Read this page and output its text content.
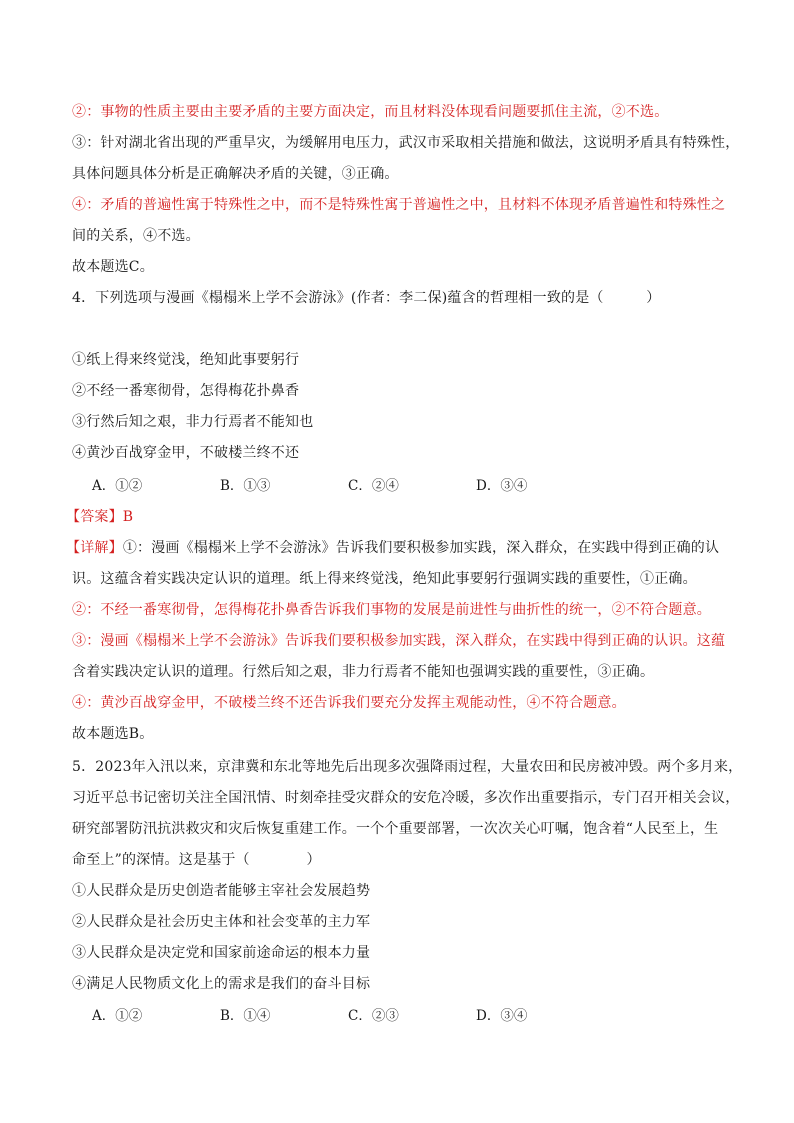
②：事物的性质主要由主要矛盾的主要方面决定，而且材料没体现看问题要抓住主流，②不选。
③：针对湖北省出现的严重旱灾，为缓解用电压力，武汉市采取相关措施和做法，这说明矛盾具有特殊性，
具体问题具体分析是正确解决矛盾的关键，③正确。
④：矛盾的普遍性寓于特殊性之中，而不是特殊性寓于普遍性之中，且材料不体现矛盾普遍性和特殊性之
间的关系，④不选。
故本题选C。
4．下列选项与漫画《榻榻米上学不会游泳》(作者：李二保)蕴含的哲理相一致的是（　　　）
①纸上得来终觉浅，绝知此事要躬行
②不经一番寒彻骨，怎得梅花扑鼻香
③行然后知之艰，非力行焉者不能知也
④黄沙百战穿金甲，不破楼兰终不还
A．①②	B．①③	C．②④	D．③④
【答案】B
【详解】①：漫画《榻榻米上学不会游泳》告诉我们要积极参加实践，深入群众，在实践中得到正确的认
识。这蕴含着实践决定认识的道理。纸上得来终觉浅，绝知此事要躬行强调实践的重要性，①正确。
②：不经一番寒彻骨，怎得梅花扑鼻香告诉我们事物的发展是前进性与曲折性的统一，②不符合题意。
③：漫画《榻榻米上学不会游泳》告诉我们要积极参加实践，深入群众，在实践中得到正确的认识。这蕴
含着实践决定认识的道理。行然后知之艰，非力行焉者不能知也强调实践的重要性，③正确。
④：黄沙百战穿金甲，不破楼兰终不还告诉我们要充分发挥主观能动性，④不符合题意。
故本题选B。
5．2023年入汛以来，京津冀和东北等地先后出现多次强降雨过程，大量农田和民房被冲毁。两个多月来，
习近平总书记密切关注全国汛情、时刻牵挂受灾群众的安危冷暖，多次作出重要指示，专门召开相关会议，
研究部署防汛抗洪救灾和灾后恢复重建工作。一个个重要部署，一次次关心叮嘱，饱含着“人民至上，生
命至上”的深情。这是基于（　　　　）
①人民群众是历史创造者能够主宰社会发展趋势
②人民群众是社会历史主体和社会变革的主力军
③人民群众是决定党和国家前途命运的根本力量
④满足人民物质文化上的需求是我们的奋斗目标
A．①②	B．①④	C．②③	D．③④
